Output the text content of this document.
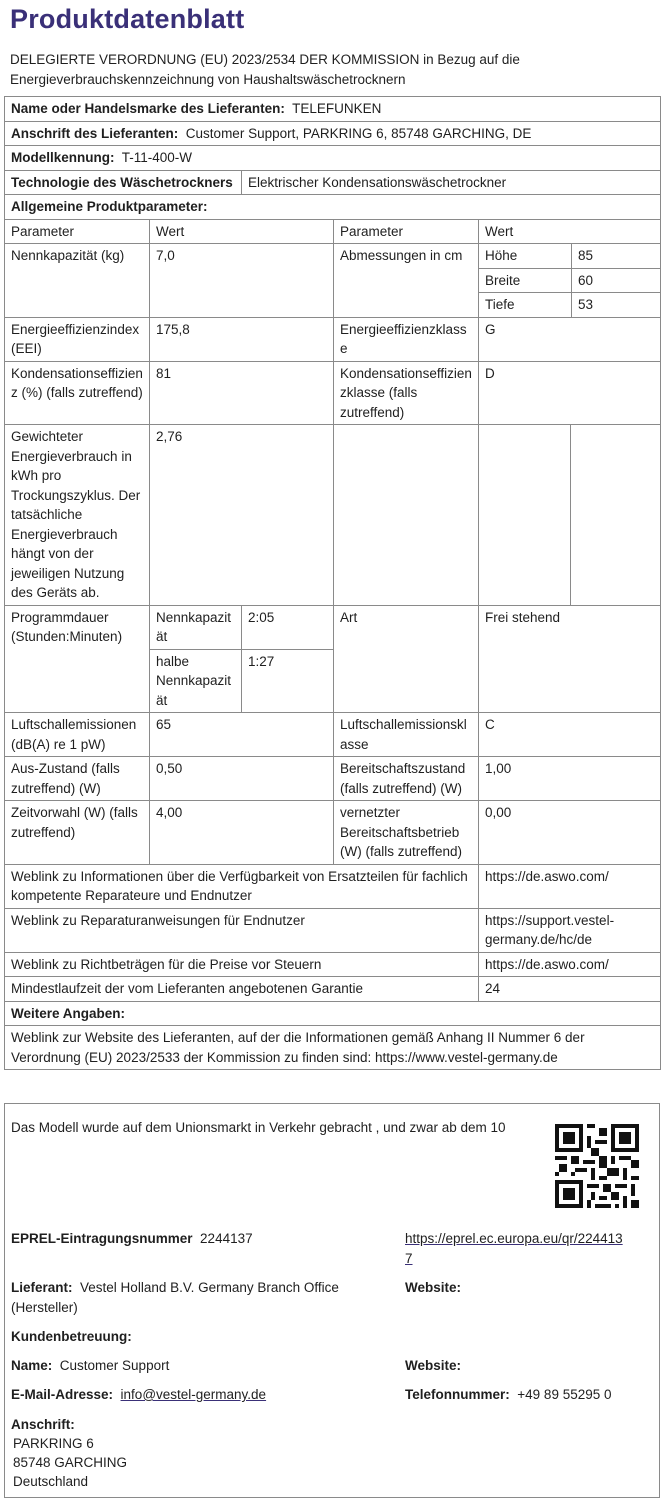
Produktdatenblatt
DELEGIERTE VERORDNUNG (EU) 2023/2534 DER KOMMISSION in Bezug auf die Energieverbrauchskennzeichnung von Haushaltswäschetrocknern
Name oder Handelsmarke des Lieferanten: TELEFUNKEN
Anschrift des Lieferanten: Customer Support, PARKRING 6, 85748 GARCHING, DE
Modellkennung: T-11-400-W
Technologie des Wäschetrockners	Elektrischer Kondensationswäschetrockner
Allgemeine Produktparameter:
Parameter	Wert	Parameter	Wert
Nennkapazität (kg)	7,0	Abmessungen in cm	Höhe	85
Breite	60
Tiefe	53

Energieeffizienzindex (EEI)	175,8	Energieeffizienzklasse	G
Kondensationseffizienz (%) (falls zutreffend)	81	Kondensationseffizienzklasse (falls zutreffend)	D
Gewichteter Energieverbrauch in kWh pro Trockungszyklus. Der tatsächliche Energieverbrauch hängt von der jeweiligen Nutzung des Geräts ab.	2,76			
Programmdauer (Stunden:Minuten)	Nennkapazität	2:05	Art	Frei stehend
halbe Nennkapazität	1:27
Luftschallemissionen (dB(A) re 1 pW)	65	Luftschallemissionsklasse	C
Aus-Zustand (falls zutreffend) (W)	0,50	Bereitschaftszustand (falls zutreffend) (W)	1,00
Zeitvorwahl (W) (falls zutreffend)	4,00	vernetzter Bereitschaftsbetrieb (W) (falls zutreffend)	0,00
Weblink zu Informationen über die Verfügbarkeit von Ersatzteilen für fachlich kompetente Reparateure und Endnutzer	https://de.aswo.com/
Weblink zu Reparaturanweisungen für Endnutzer	https://support.vestel-germany.de/hc/de
Weblink zu Richtbeträgen für die Preise vor Steuern	https://de.aswo.com/
Mindestlaufzeit der vom Lieferanten angebotenen Garantie	24
Weitere Angaben:
Weblink zur Website des Lieferanten, auf der die Informationen gemäß Anhang II Nummer 6 der Verordnung (EU) 2023/2533 der Kommission zu finden sind: https://www.vestel-germany.de
Das Modell wurde auf dem Unionsmarkt in Verkehr gebracht , und zwar ab dem 10
EPREL-Eintragungsnummer 2244137	https://eprel.ec.europa.eu/qr/2244137
Lieferant: Vestel Holland B.V. Germany Branch Office (Hersteller)
Website:
Kundenbetreuung:
Name: Customer Support	Website:
E-Mail-Adresse: info@vestel-germany.de	Telefonnummer: +49 89 55295 0
Anschrift:
PARKRING 6
85748 GARCHING
Deutschland
